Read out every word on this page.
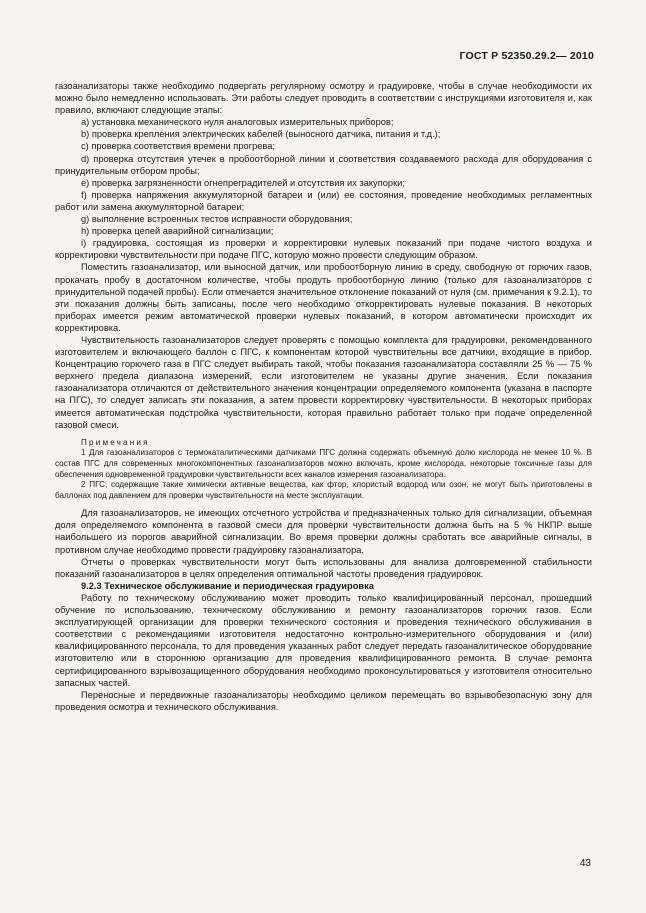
ГОСТ Р 52350.29.2— 2010

газоанализаторы также необходимо подвергать регулярному осмотру и градуировке, чтобы в случае необходимости их можно было немедленно использовать. Эти работы следует проводить в соответствии с инструкциями изготовителя и, как правило, включают следующие этапы:

a) установка механического нуля аналоговых измерительных приборов;

b) проверка крепления электрических кабелей (выносного датчика, питания и т.д.);

c) проверка соответствия времени прогрева;

d) проверка отсутствия утечек в пробоотборной линии и соответствия создаваемого расхода для оборудования с принудительным отбором пробы;

e) проверка загрязненности огнепреградителей и отсутствия их закупорки;

f) проверка напряжения аккумуляторной батареи и (или) ее состояния, проведение необходимых регламентных работ или замена аккумуляторной батареи;

g) выполнение встроенных тестов исправности оборудования;

h) проверка цепей аварийной сигнализации;

i) градуировка, состоящая из проверки и корректировки нулевых показаний при подаче чистого воздуха и корректировки чувствительности при подаче ПГС, которую можно провести следующим образом.

Поместить газоанализатор, или выносной датчик, или пробоотборную линию в среду, свободную от горючих газов, прокачать пробу в достаточном количестве, чтобы продуть пробоотборную линию (только для газоанализаторов с принудительной подачей пробы). Если отмечается значительное отклонение показаний от нуля (см. примечания к 9.2.1), то эти показания должны быть записаны, после чего необходимо откорректировать нулевые показания. В некоторых приборах имеется режим автоматической проверки нулевых показаний, в котором автоматически происходит их корректировка.

Чувствительность газоанализаторов следует проверять с помощью комплекта для градуировки, рекомендованного изготовителем и включающего баллон с ПГС, к компонентам которой чувствительны все датчики, входящие в прибор. Концентрацию горючего газа в ПГС следует выбирать такой, чтобы показания газоанализатора составляли 25 % — 75 % верхнего предела диапазона измерений, если изготовителем не указаны другие значения. Если показания газоанализатора отличаются от действительного значения концентрации определяемого компонента (указана в паспорте на ПГС), то следует записать эти показания, а затем провести корректировку чувствительности. В некоторых приборах имеется автоматическая подстройка чувствительности, которая правильно работает только при подаче определенной газовой смеси.

Примечания

1 Для газоанализаторов с термокаталитическими датчиками ПГС должна содержать объемную долю кислорода не менее 10 %. В состав ПГС для современных многокомпонентных газоанализаторов можно включать, кроме кислорода, некоторые токсичные газы для обеспечения одновременной градуировки чувствительности всех каналов измерения газоанализатора.

2 ПГС, содержащие такие химически активные вещества, как фтор, хлористый водород или озон, не могут быть приготовлены в баллонах под давлением для проверки чувствительности на месте эксплуатации.

Для газоанализаторов, не имеющих отсчетного устройства и предназначенных только для сигнализации, объемная доля определяемого компонента в газовой смеси для проверки чувствительности должна быть на 5 % НКПР выше наибольшего из порогов аварийной сигнализации. Во время проверки должны сработать все аварийные сигналы, в противном случае необходимо провести градуировку газоанализатора.

Отчеты о проверках чувствительности могут быть использованы для анализа долговременной стабильности показаний газоанализаторов в целях определения оптимальной частоты проведения градуировок.

9.2.3 Техническое обслуживание и периодическая градуировка

Работу по техническому обслуживанию может проводить только квалифицированный персонал, прошедший обучение по использованию, техническому обслуживанию и ремонту газоанализаторов горючих газов. Если эксплуатирующей организации для проверки технического состояния и проведения технического обслуживания в соответствии с рекомендациями изготовителя недостаточно контрольно-измерительного оборудования и (или) квалифицированного персонала, то для проведения указанных работ следует передать газоаналитическое оборудование изготовителю или в стороннюю организацию для проведения квалифицированного ремонта. В случае ремонта сертифицированного взрывозащищенного оборудования необходимо проконсультироваться у изготовителя относительно запасных частей.

Переносные и передвижные газоанализаторы необходимо целиком перемещать во взрывобезопасную зону для проведения осмотра и технического обслуживания.

43
